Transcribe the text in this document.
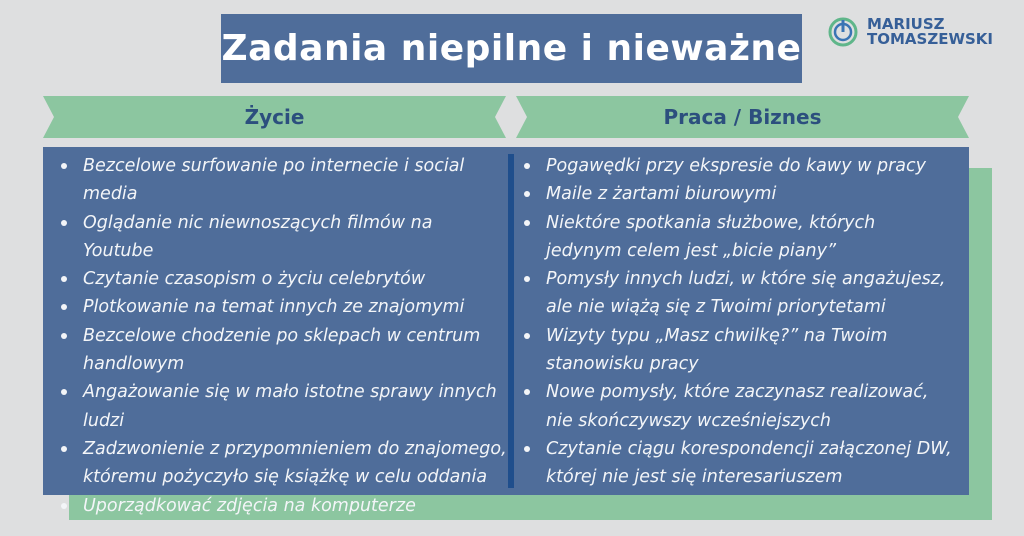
Zadania niepilne i nieważne
MARIUSZ
TOMASZEWSKI
Życie	Praca / Biznes
Bezcelowe surfowanie po internecie i social media
Oglądanie nic niewnoszących filmów na Youtube
Czytanie czasopism o życiu celebrytów
Plotkowanie na temat innych ze znajomymi
Bezcelowe chodzenie po sklepach w centrum handlowym
Angażowanie się w mało istotne sprawy innych ludzi
Zadzwonienie z przypomnieniem do znajomego, któremu pożyczyło się książkę w celu oddania
Uporządkować zdjęcia na komputerze
Pogawędki przy ekspresie do kawy w pracy
Maile z żartami biurowymi
Niektóre spotkania służbowe, których jedynym celem jest „bicie piany”
Pomysły innych ludzi, w które się angażujesz, ale nie wiążą się z Twoimi priorytetami
Wizyty typu „Masz chwilkę?” na Twoim stanowisku pracy
Nowe pomysły, które zaczynasz realizować, nie skończywszy wcześniejszych
Czytanie ciągu korespondencji załączonej DW, której nie jest się interesariuszem
